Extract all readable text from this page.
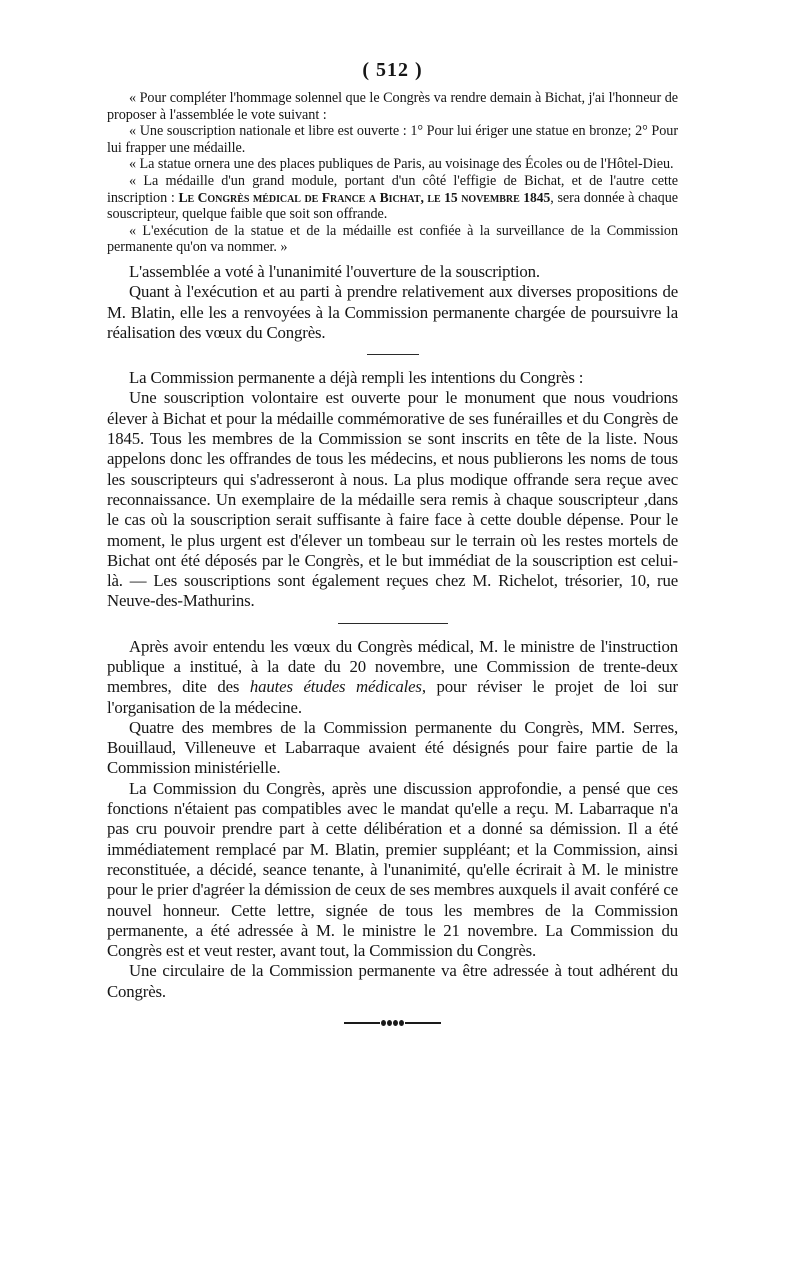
( 512 )

« Pour compléter l'hommage solennel que le Congrès va rendre demain à Bichat, j'ai l'honneur de proposer à l'assemblée le vote suivant :

« Une souscription nationale et libre est ouverte : 1° Pour lui ériger une statue en bronze; 2° Pour lui frapper une médaille.

« La statue ornera une des places publiques de Paris, au voisinage des Écoles ou de l'Hôtel-Dieu.

« La médaille d'un grand module, portant d'un côté l'effigie de Bichat, et de l'autre cette inscription : Le Congrès médical de France a Bichat, le 15 novembre 1845, sera donnée à chaque souscripteur, quelque faible que soit son offrande.

« L'exécution de la statue et de la médaille est confiée à la surveillance de la Commission permanente qu'on va nommer. »

L'assemblée a voté à l'unanimité l'ouverture de la souscription.

Quant à l'exécution et au parti à prendre relativement aux diverses propositions de M. Blatin, elle les a renvoyées à la Commission permanente chargée de poursuivre la réalisation des vœux du Congrès.

La Commission permanente a déjà rempli les intentions du Congrès :

Une souscription volontaire est ouverte pour le monument que nous voudrions élever à Bichat et pour la médaille commémorative de ses funérailles et du Congrès de 1845. Tous les membres de la Commission se sont inscrits en tête de la liste. Nous appelons donc les offrandes de tous les médecins, et nous publierons les noms de tous les souscripteurs qui s'adresseront à nous. La plus modique offrande sera reçue avec reconnaissance. Un exemplaire de la médaille sera remis à chaque souscripteur ,dans le cas où la souscription serait suffisante à faire face à cette double dépense. Pour le moment, le plus urgent est d'élever un tombeau sur le terrain où les restes mortels de Bichat ont été déposés par le Congrès, et le but immédiat de la souscription est celui-là. — Les souscriptions sont également reçues chez M. Richelot, trésorier, 10, rue Neuve-des-Mathurins.

Après avoir entendu les vœux du Congrès médical, M. le ministre de l'instruction publique a institué, à la date du 20 novembre, une Commission de trente-deux membres, dite des hautes études médicales, pour réviser le projet de loi sur l'organisation de la médecine.

Quatre des membres de la Commission permanente du Congrès, MM. Serres, Bouillaud, Villeneuve et Labarraque avaient été désignés pour faire partie de la Commission ministérielle.

La Commission du Congrès, après une discussion approfondie, a pensé que ces fonctions n'étaient pas compatibles avec le mandat qu'elle a reçu. M. Labarraque n'a pas cru pouvoir prendre part à cette délibération et a donné sa démission. Il a été immédiatement remplacé par M. Blatin, premier suppléant; et la Commission, ainsi reconstituée, a décidé, seance tenante, à l'unanimité, qu'elle écrirait à M. le ministre pour le prier d'agréer la démission de ceux de ses membres auxquels il avait conféré ce nouvel honneur. Cette lettre, signée de tous les membres de la Commission permanente, a été adressée à M. le ministre le 21 novembre. La Commission du Congrès est et veut rester, avant tout, la Commission du Congrès.

Une circulaire de la Commission permanente va être adressée à tout adhérent du Congrès.
